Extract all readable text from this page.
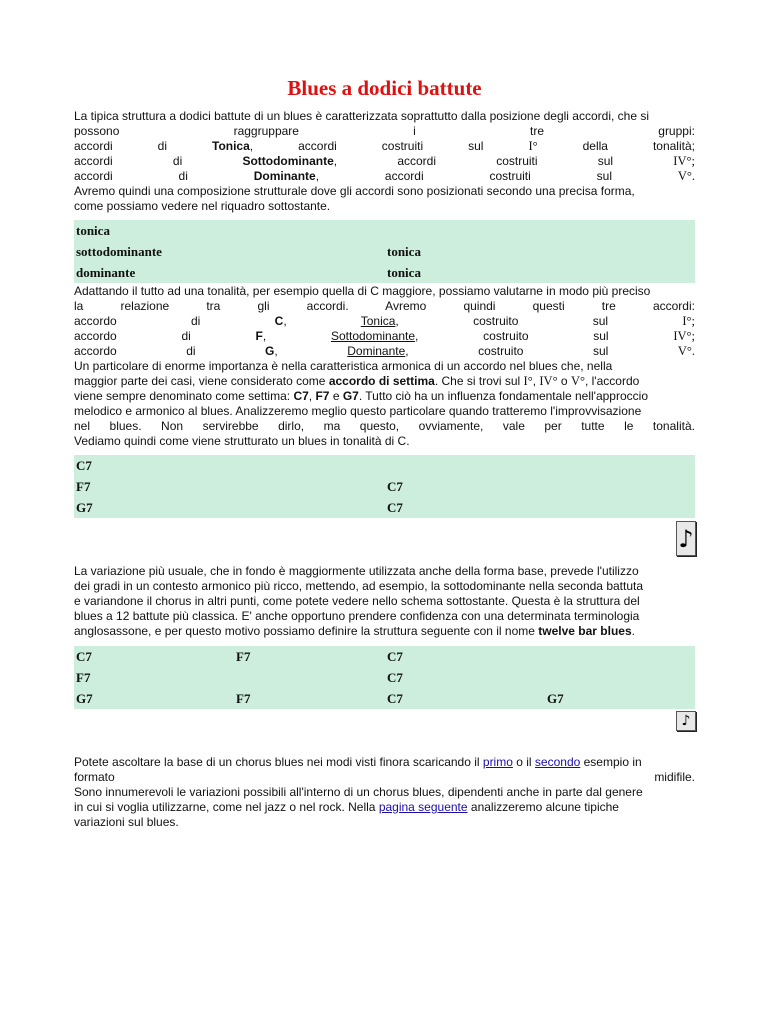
Blues a dodici battute
La tipica struttura a dodici battute di un blues è caratterizzata soprattutto dalla posizione degli accordi, che si
possono	raggruppare	i	tre	gruppi:
accordi	di	Tonica,	accordi	costruiti	sul	I°	della	tonalità;
accordi	di	Sottodominante,	accordi	costruiti	sul	IV°;
accordi	di	Dominante,	accordi	costruiti	sul	V°.
Avremo quindi una composizione strutturale dove gli accordi sono posizionati secondo una precisa forma,
come possiamo vedere nel riquadro sottostante.
tonica		
sottodominante	tonica	
dominante	tonica	
Adattando il tutto ad una tonalità, per esempio quella di C maggiore, possiamo valutarne in modo più preciso
la	relazione	tra	gli	accordi.	Avremo	quindi	questi	tre	accordi:
accordo	di	C,	Tonica,	costruito	sul	I°;
accordo	di	F,	Sottodominante,	costruito	sul	IV°;
accordo	di	G,	Dominante,	costruito	sul	V°.
Un particolare di enorme importanza è nella caratteristica armonica di un accordo nel blues che, nella
maggior parte dei casi, viene considerato come accordo di settima. Che si trovi sul I°, IV° o V°, l'accordo
viene sempre denominato come settima: C7, F7 e G7. Tutto ciò ha un influenza fondamentale nell'approccio
melodico e armonico al blues. Analizzeremo meglio questo particolare quando tratteremo l'improvvisazione
nel blues. Non servirebbe dirlo, ma questo, ovviamente, vale per tutte le tonalità.
Vediamo quindi come viene strutturato un blues in tonalità di C.
C7		
F7	C7	
G7	C7	
♪
La variazione più usuale, che in fondo è maggiormente utilizzata anche della forma base, prevede l'utilizzo
dei gradi in un contesto armonico più ricco, mettendo, ad esempio, la sottodominante nella seconda battuta
e variandone il chorus in altri punti, come potete vedere nello schema sottostante. Questa è la struttura del
blues a 12 battute più classica. E' anche opportuno prendere confidenza con una determinata terminologia
anglosassone, e per questo motivo possiamo definire la struttura seguente con il nome twelve bar blues.
C7	F7	C7	
F7		C7	
G7	F7	C7	G7
♪
Potete ascoltare la base di un chorus blues nei modi visti finora scaricando il primo o il secondo esempio in
formato	midifile.
Sono innumerevoli le variazioni possibili all'interno di un chorus blues, dipendenti anche in parte dal genere
in cui si voglia utilizzarne, come nel jazz o nel rock. Nella pagina seguente analizzeremo alcune tipiche
variazioni sul blues.
